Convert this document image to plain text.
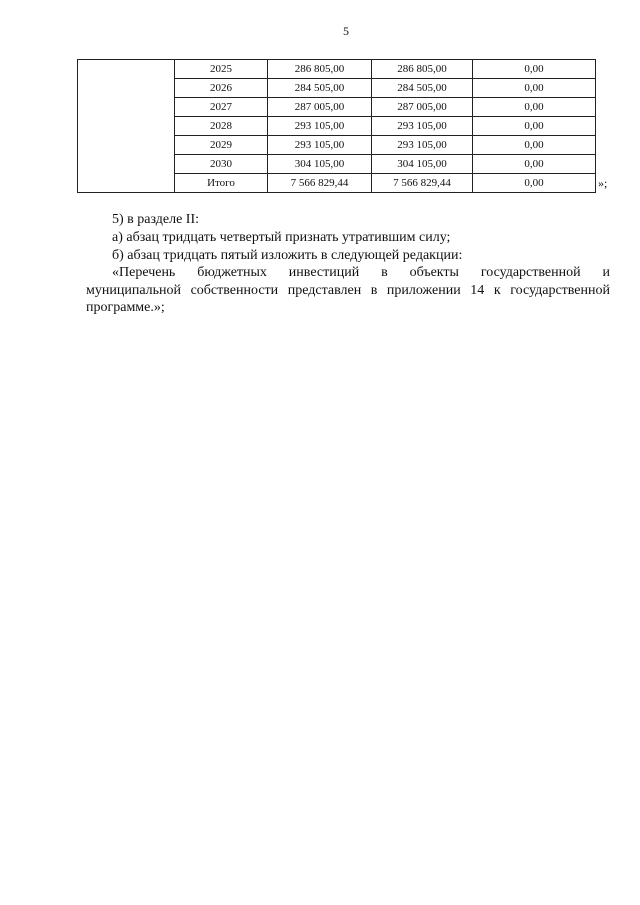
5
	2025	286 805,00	286 805,00	0,00
	2026	284 505,00	284 505,00	0,00
	2027	287 005,00	287 005,00	0,00
	2028	293 105,00	293 105,00	0,00
	2029	293 105,00	293 105,00	0,00
	2030	304 105,00	304 105,00	0,00
	Итого	7 566 829,44	7 566 829,44	0,00	»;
5) в разделе II:
а) абзац тридцать четвертый признать утратившим силу;
б) абзац тридцать пятый изложить в следующей редакции:
«Перечень бюджетных инвестиций в объекты государственной и
муниципальной собственности представлен в приложении 14 к государственной
программе.»;
